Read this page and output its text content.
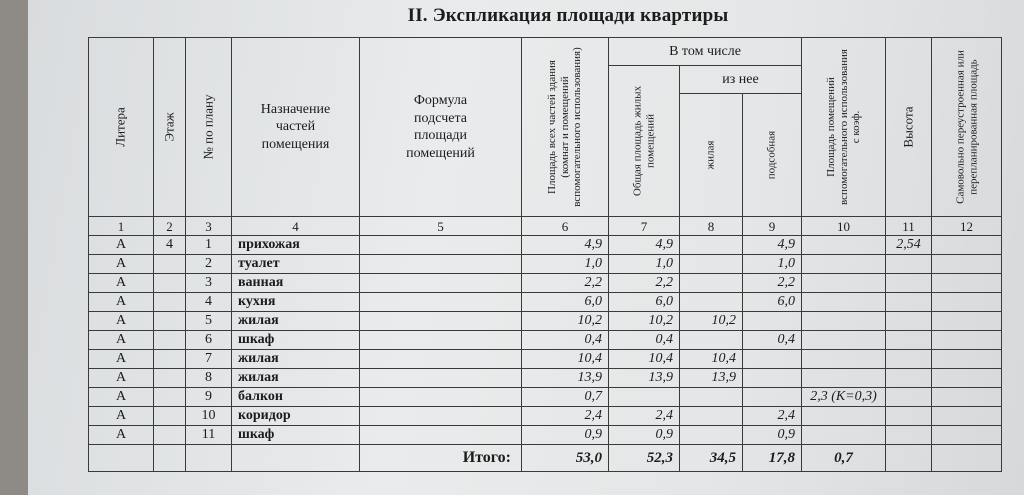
II. Экспликация площади квартиры
Литера	Этаж	№ по плану	Назначение частей помещения	Формула подсчета площади помещений	Площадь всех частей здания (комнат и помещений вспомогательного использования)	В том числе			Площадь помещений вспомогательного использования с коэф.	Высота	Самовольно переустроенная или перепланированная площадь

						Общая площадь жилых помещений	из нее				

							жилая	подсобная			

1	2	3	4	5	6	7	8	9	10	11	12
А	4	1	прихожая		4,9	4,9		4,9		2,54	
А		2	туалет		1,0	1,0		1,0			
А		3	ванная		2,2	2,2		2,2			
А		4	кухня		6,0	6,0		6,0			
А		5	жилая		10,2	10,2	10,2				
А		6	шкаф		0,4	0,4		0,4			
А		7	жилая		10,4	10,4	10,4				
А		8	жилая		13,9	13,9	13,9				
А		9	балкон		0,7				2,3 (К=0,3)		
А		10	коридор		2,4	2,4		2,4			
А		11	шкаф		0,9	0,9		0,9			
				Итого:	53,0	52,3	34,5	17,8	0,7		
